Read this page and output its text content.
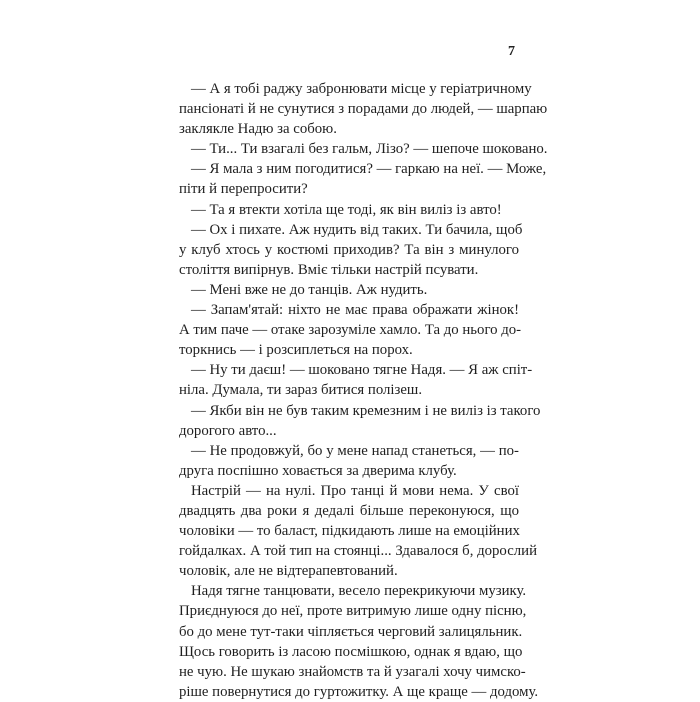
7
— А я тобі раджу забронювати місце у геріатричному
пансіонаті й не сунутися з порадами до людей, — шарпаю
заклякле Надю за собою.
— Ти... Ти взагалі без гальм, Лізо? — шепоче шоковано.
— Я мала з ним погодитися? — гаркаю на неї. — Може,
піти й перепросити?
— Та я втекти хотіла ще тоді, як він виліз із авто!
— Ох і пихате. Аж нудить від таких. Ти бачила, щоб
у клуб хтось у костюмі приходив? Та він з минулого
століття випірнув. Вміє тільки настрій псувати.
— Мені вже не до танців. Аж нудить.
— Запам'ятай: ніхто не має права ображати жінок!
А тим паче — отаке зарозуміле хамло. Та до нього до-
торкнись — і розсиплеться на порох.
— Ну ти даєш! — шоковано тягне Надя. — Я аж спіт-
ніла. Думала, ти зараз битися полізеш.
— Якби він не був таким кремезним і не виліз із такого
дорогого авто...
— Не продовжуй, бо у мене напад станеться, — по-
друга поспішно ховається за дверима клубу.
Настрій — на нулі. Про танці й мови нема. У свої
двадцять два роки я дедалі більше переконуюся, що
чоловіки — то баласт, підкидають лише на емоційних
гойдалках. А той тип на стоянці... Здавалося б, дорослий
чоловік, але не відтерапевтований.
Надя тягне танцювати, весело перекрикуючи музику.
Приєднуюся до неї, проте витримую лише одну пісню,
бо до мене тут-таки чіпляється черговий залицяльник.
Щось говорить із ласою посмішкою, однак я вдаю, що
не чую. Не шукаю знайомств та й узагалі хочу чимско-
ріше повернутися до гуртожитку. А ще краще — додому.
